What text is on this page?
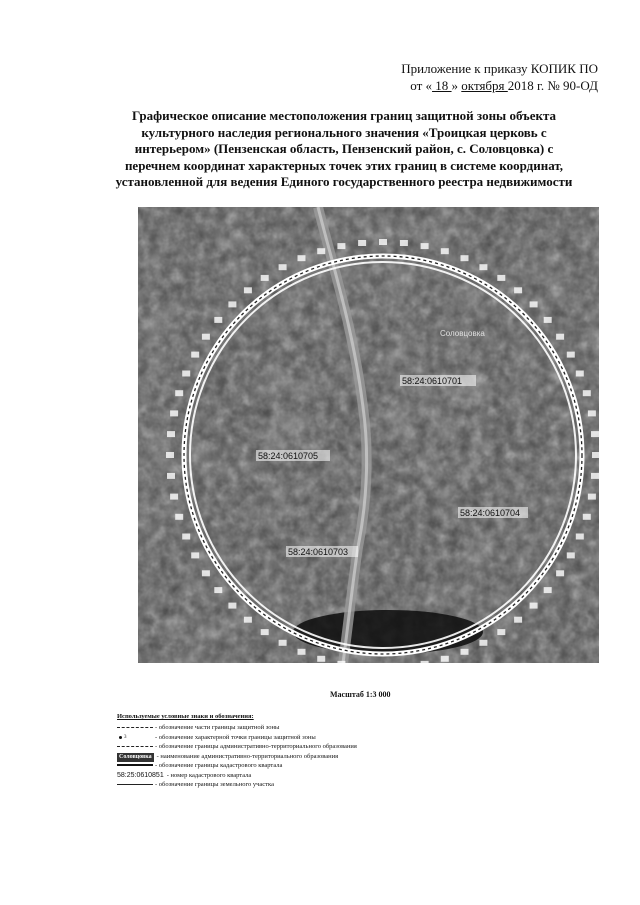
Приложение к приказу КОПИК ПО
от « 18 » октября 2018 г. № 90-ОД
Графическое описание местоположения границ защитной зоны объекта
культурного наследия регионального значения «Троицкая церковь с
интерьером» (Пензенская область, Пензенский район, с. Соловцовка) с
перечнем координат характерных точек этих границ в системе координат,
установленной для ведения Единого государственного реестра недвижимости
58:24:0610701
58:24:0610705
58:24:0610704
58:24:0610703
Соловцовка
Масштаб 1:3 000
Используемые условные знаки и обозначения:
- обозначение части границы защитной зоны
3	- обозначение характерной точки границы защитной зоны
- обозначение границы административно-территориального образования
Соловцовка - наименование административно-территориального образования
- обозначение границы кадастрового квартала
58:25:0610851 - номер кадастрового квартала
- обозначение границы земельного участка
